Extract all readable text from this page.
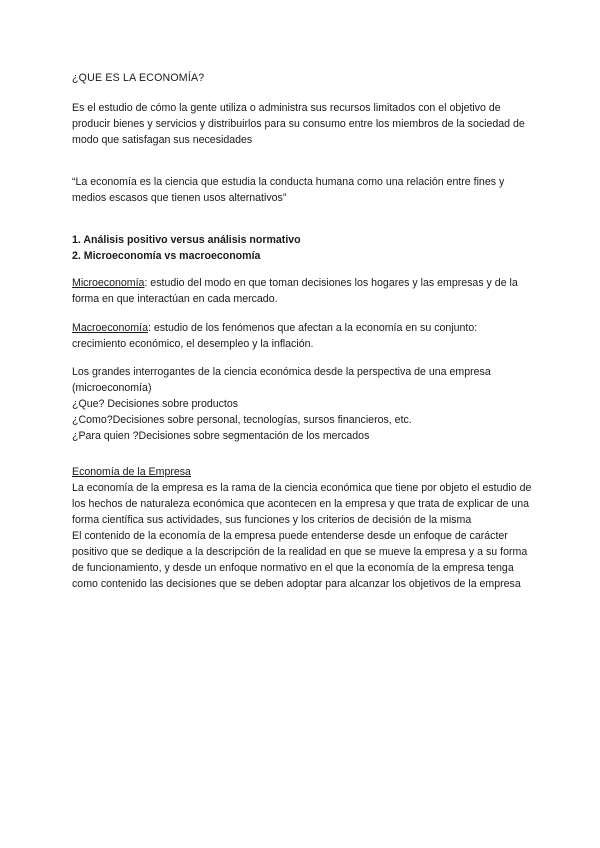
¿QUE ES LA ECONOMÍA?

Es el estudio de cómo la gente utiliza o administra sus recursos limitados con el objetivo de producir bienes y servicios y distribuirlos para su consumo entre los miembros de la sociedad de modo que satisfagan sus necesidades

“La economía es la ciencia que estudia la conducta humana como una relación entre fines y medios escasos que tienen usos alternativos”

1. Análisis positivo versus análisis normativo

2. Microeconomía vs macroeconomía

Microeconomía: estudio del modo en que toman decisiones los hogares y las empresas y de la forma en que interactúan en cada mercado.

Macroeconomía: estudio de los fenómenos que afectan a la economía en su conjunto: crecimiento económico, el desempleo y la inflación.

Los grandes interrogantes de la ciencia económica desde la perspectiva de una empresa (microeconomía)

¿Que? Decisiones sobre productos

¿Como?Decisiones sobre personal, tecnologías, sursos financieros, etc.

¿Para quien ?Decisiones sobre segmentación de los mercados

Economía de la Empresa

La economía de la empresa es la rama de la ciencia económica que tiene por objeto el estudio de los hechos de naturaleza económica que acontecen en la empresa y que trata de explicar de una forma científica sus actividades, sus funciones y los criterios de decisión de la misma

El contenido de la economía de la empresa puede entenderse desde un enfoque de carácter positivo que se dedique a la descripción de la realidad en que se mueve la empresa y a su forma de funcionamiento, y desde un enfoque normativo en el que la economía de la empresa tenga como contenido las decisiones que se deben adoptar para alcanzar los objetivos de la empresa
